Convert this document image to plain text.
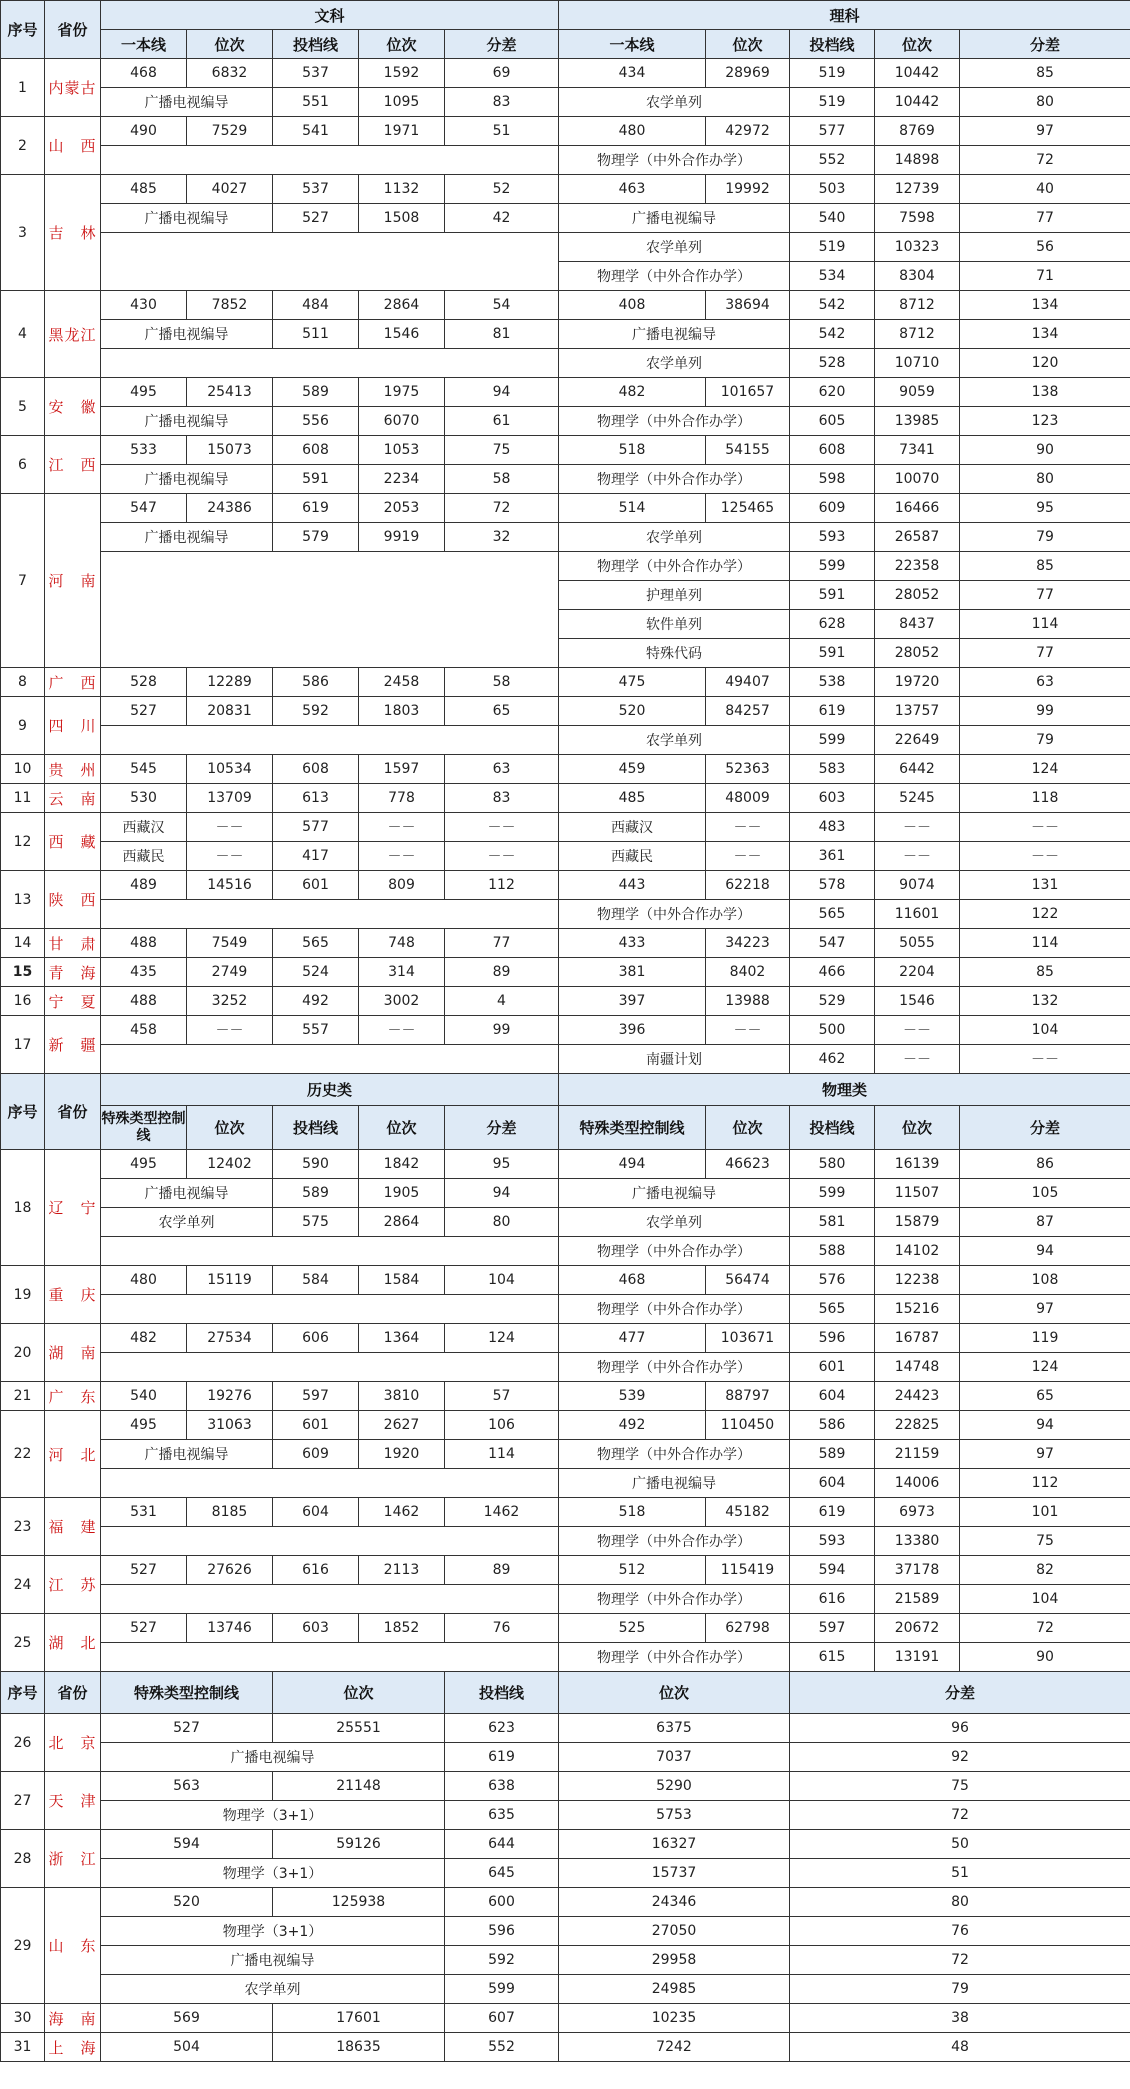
序号	省份	文科					理科				
		一本线	位次	投档线	位次	分差	一本线	位次	投档线	位次	分差
1	内蒙古	468	6832	537	1592	69	434	28969	519	10442	85
		广播电视编导		551	1095	83	农学单列		519	10442	80
2	山　西	490	7529	541	1971	51	480	42972	577	8769	97
							物理学（中外合作办学）		552	14898	72
3	吉　林	485	4027	537	1132	52	463	19992	503	12739	40
		广播电视编导		527	1508	42	广播电视编导		540	7598	77
							农学单列		519	10323	56
							物理学（中外合作办学）		534	8304	71
4	黑龙江	430	7852	484	2864	54	408	38694	542	8712	134
		广播电视编导		511	1546	81	广播电视编导		542	8712	134
							农学单列		528	10710	120
5	安　徽	495	25413	589	1975	94	482	101657	620	9059	138
		广播电视编导		556	6070	61	物理学（中外合作办学）		605	13985	123
6	江　西	533	15073	608	1053	75	518	54155	608	7341	90
		广播电视编导		591	2234	58	物理学（中外合作办学）		598	10070	80
7	河　南	547	24386	619	2053	72	514	125465	609	16466	95
		广播电视编导		579	9919	32	农学单列		593	26587	79
							物理学（中外合作办学）		599	22358	85
							护理单列		591	28052	77
							软件单列		628	8437	114
							特殊代码		591	28052	77
8	广　西	528	12289	586	2458	58	475	49407	538	19720	63
9	四　川	527	20831	592	1803	65	520	84257	619	13757	99
							农学单列		599	22649	79
10	贵　州	545	10534	608	1597	63	459	52363	583	6442	124
11	云　南	530	13709	613	778	83	485	48009	603	5245	118
12	西　藏	西藏汉	－－	577	－－	－－	西藏汉	－－	483	－－	－－
		西藏民	－－	417	－－	－－	西藏民	－－	361	－－	－－
13	陕　西	489	14516	601	809	112	443	62218	578	9074	131
							物理学（中外合作办学）		565	11601	122
14	甘　肃	488	7549	565	748	77	433	34223	547	5055	114
15	青　海	435	2749	524	314	89	381	8402	466	2204	85
16	宁　夏	488	3252	492	3002	4	397	13988	529	1546	132
17	新　疆	458	－－	557	－－	99	396	－－	500	－－	104
							南疆计划		462	－－	－－
序号	省份	历史类					物理类				
		特殊类型控制线	位次	投档线	位次	分差	特殊类型控制线	位次	投档线	位次	分差
18	辽　宁	495	12402	590	1842	95	494	46623	580	16139	86
		广播电视编导		589	1905	94	广播电视编导		599	11507	105
		农学单列		575	2864	80	农学单列		581	15879	87
							物理学（中外合作办学）		588	14102	94
19	重　庆	480	15119	584	1584	104	468	56474	576	12238	108
							物理学（中外合作办学）		565	15216	97
20	湖　南	482	27534	606	1364	124	477	103671	596	16787	119
							物理学（中外合作办学）		601	14748	124
21	广　东	540	19276	597	3810	57	539	88797	604	24423	65
22	河　北	495	31063	601	2627	106	492	110450	586	22825	94
		广播电视编导		609	1920	114	物理学（中外合作办学）		589	21159	97
							广播电视编导		604	14006	112
23	福　建	531	8185	604	1462	1462	518	45182	619	6973	101
							物理学（中外合作办学）		593	13380	75
24	江　苏	527	27626	616	2113	89	512	115419	594	37178	82
							物理学（中外合作办学）		616	21589	104
25	湖　北	527	13746	603	1852	76	525	62798	597	20672	72
							物理学（中外合作办学）		615	13191	90
序号	省份	特殊类型控制线		位次		投档线	位次		分差		
26	北　京	527		25551		623	6375		96		
		广播电视编导				619	7037		92		
27	天　津	563		21148		638	5290		75		
		物理学（3+1）				635	5753		72		
28	浙　江	594		59126		644	16327		50		
		物理学（3+1）				645	15737		51		
29	山　东	520		125938		600	24346		80		
		物理学（3+1）				596	27050		76		
		广播电视编导				592	29958		72		
		农学单列				599	24985		79		
30	海　南	569		17601		607	10235		38		
31	上　海	504		18635		552	7242		48		
